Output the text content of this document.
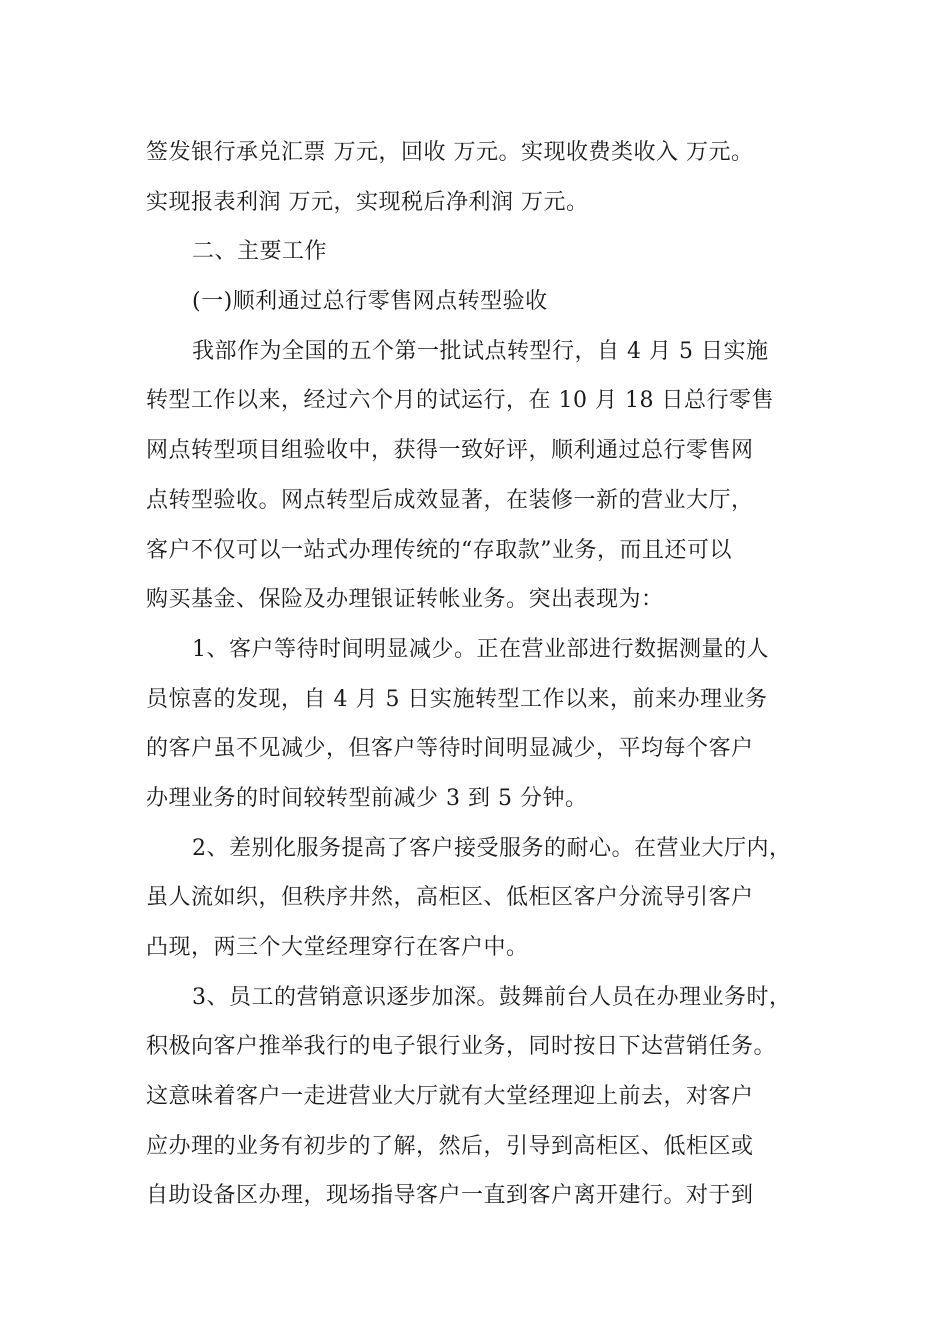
签发银行承兑汇票 万元，回收 万元。实现收费类收入 万元。
实现报表利润 万元，实现税后净利润 万元。
二、主要工作
(一)顺利通过总行零售网点转型验收
我部作为全国的五个第一批试点转型行，自 4 月 5 日实施
转型工作以来，经过六个月的试运行，在 10 月 18 日总行零售
网点转型项目组验收中，获得一致好评，顺利通过总行零售网
点转型验收。网点转型后成效显著，在装修一新的营业大厅，
客户不仅可以一站式办理传统的“存取款”业务，而且还可以
购买基金、保险及办理银证转帐业务。突出表现为：
1、客户等待时间明显减少。正在营业部进行数据测量的人
员惊喜的发现，自 4 月 5 日实施转型工作以来，前来办理业务
的客户虽不见减少，但客户等待时间明显减少，平均每个客户
办理业务的时间较转型前减少 3 到 5 分钟。
2、差别化服务提高了客户接受服务的耐心。在营业大厅内，
虽人流如织，但秩序井然，高柜区、低柜区客户分流导引客户
凸现，两三个大堂经理穿行在客户中。
3、员工的营销意识逐步加深。鼓舞前台人员在办理业务时，
积极向客户推举我行的电子银行业务，同时按日下达营销任务。
这意味着客户一走进营业大厅就有大堂经理迎上前去，对客户
应办理的业务有初步的了解，然后，引导到高柜区、低柜区或
自助设备区办理，现场指导客户一直到客户离开建行。对于到
